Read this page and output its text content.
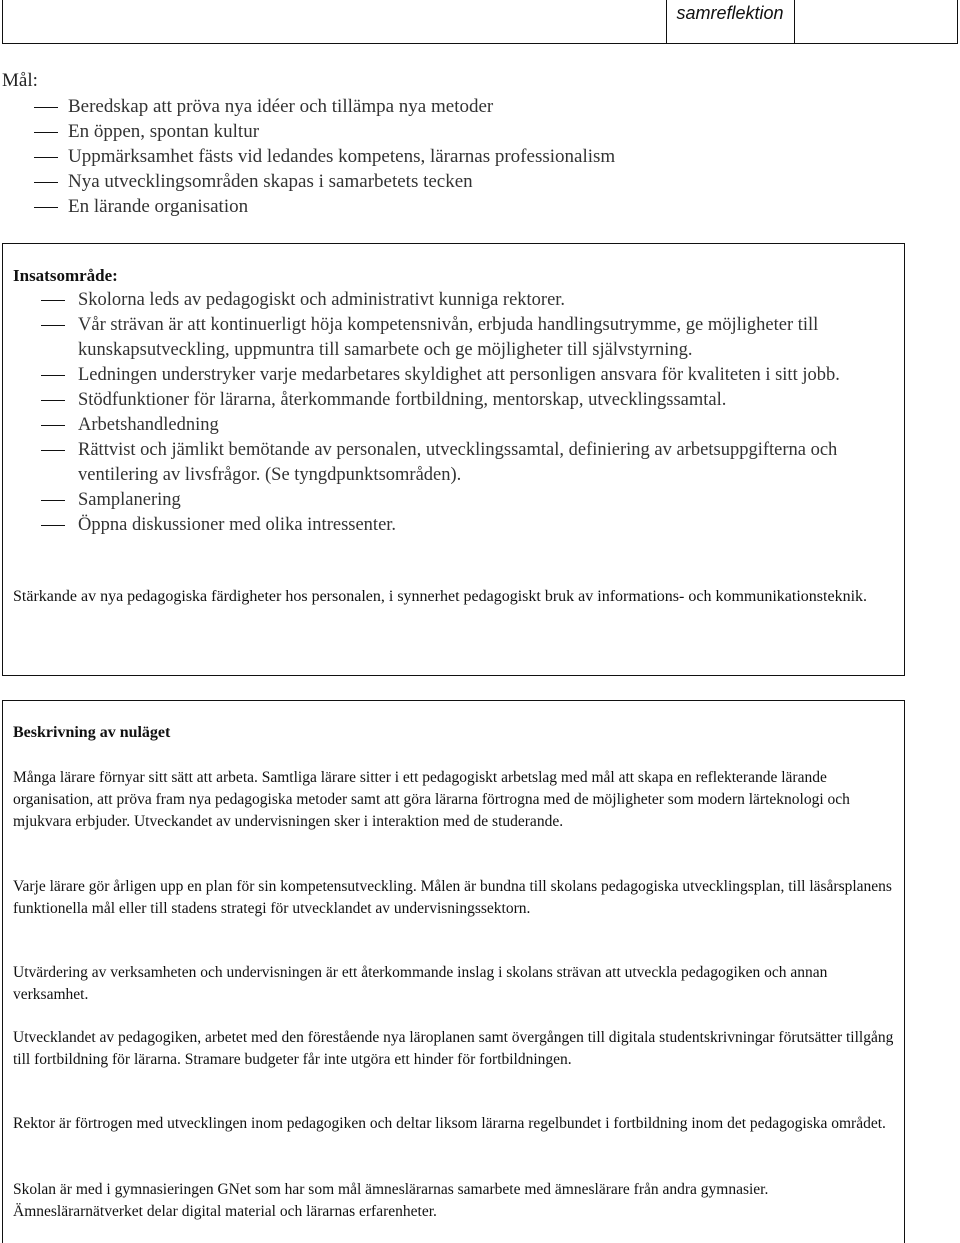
samreflektion
Mål:
Beredskap att pröva nya idéer och tillämpa nya metoder
En öppen, spontan kultur
Uppmärksamhet fästs vid ledandes kompetens, lärarnas professionalism
Nya utvecklingsområden skapas i samarbetets tecken
En lärande organisation
Insatsområde:
Skolorna leds av pedagogiskt och administrativt kunniga rektorer.
Vår strävan är att kontinuerligt höja kompetensnivån, erbjuda handlingsutrymme, ge möjligheter till kunskapsutveckling, uppmuntra till samarbete och ge möjligheter till självstyrning.
Ledningen understryker varje medarbetares skyldighet att personligen ansvara för kvaliteten i sitt jobb.
Stödfunktioner för lärarna, återkommande fortbildning, mentorskap, utvecklingssamtal.
Arbetshandledning
Rättvist och jämlikt bemötande av personalen, utvecklingssamtal, definiering av arbetsuppgifterna och ventilering av livsfrågor. (Se tyngdpunktsområden).
Samplanering
Öppna diskussioner med olika intressenter.
Stärkande av nya pedagogiska färdigheter hos personalen, i synnerhet pedagogiskt bruk av informations- och kommunikationsteknik.
Beskrivning av nuläget

Många lärare förnyar sitt sätt att arbeta. Samtliga lärare sitter i ett pedagogiskt arbetslag med mål att skapa en reflekterande lärande organisation, att pröva fram nya pedagogiska metoder samt att göra lärarna förtrogna med de möjligheter som modern lärteknologi och mjukvara erbjuder. Utveckandet av undervisningen sker i interaktion med de studerande.

Varje lärare gör årligen upp en plan för sin kompetensutveckling. Målen är bundna till skolans pedagogiska utvecklingsplan, till läsårsplanens funktionella mål eller till stadens strategi för utvecklandet av undervisningssektorn.

Utvärdering av verksamheten och undervisningen är ett återkommande inslag i skolans strävan att utveckla pedagogiken och annan verksamhet.

Utvecklandet av pedagogiken, arbetet med den förestående nya läroplanen samt övergången till digitala studentskrivningar förutsätter tillgång till fortbildning för lärarna. Stramare budgeter får inte utgöra ett hinder för fortbildningen.

Rektor är förtrogen med utvecklingen inom pedagogiken och deltar liksom lärarna regelbundet i fortbildning inom det pedagogiska området.

Skolan är med i gymnasieringen GNet som har som mål ämneslärarnas samarbete med ämneslärare från andra gymnasier. Ämneslärarnätverket delar digital material och lärarnas erfarenheter.
